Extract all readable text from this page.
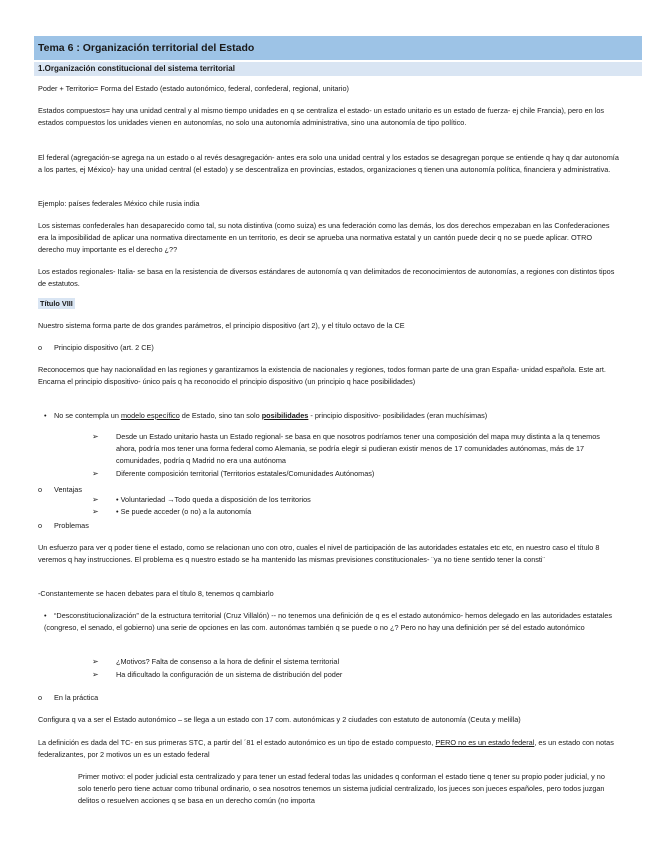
Tema 6 : Organización territorial del Estado
1.Organización constitucional del sistema territorial

Poder + Territorio= Forma del Estado (estado autonómico, federal, confederal, regional, unitario)

Estados compuestos= hay una unidad central y al mismo tiempo unidades en q se centraliza el estado- un estado unitario es un estado de fuerza- ej chile Francia), pero en los estados compuestos los unidades vienen en autonomías, no solo una autonomía administrativa, sino una autonomía de tipo político.

El federal (agregación-se agrega na un estado o al revés desagregación- antes era solo una unidad central y los estados se desagregan porque se entiende q hay q dar autonomía a los partes, ej México)- hay una unidad central (el estado) y se descentraliza en provincias, estados, organizaciones q tienen una autonomía política, financiera y administrativa.

Ejemplo: países federales México chile rusia india

Los sistemas confederales han desaparecido como tal, su nota distintiva (como suiza) es una federación como las demás, los dos derechos empezaban en las Confederaciones era la imposibilidad de aplicar una normativa directamente en un territorio, es decir se aprueba una normativa estatal y un cantón puede decir q no se puede aplicar. OTRO derecho muy importante es el derecho ¿??

Los estados regionales- Italia- se basa en la resistencia de diversos estándares de autonomía q van delimitados de reconocimientos de autonomías, a regiones con distintos tipos de estatutos.

Título VIII

Nuestro sistema forma parte de dos grandes parámetros, el principio dispositivo (art 2), y el título octavo de la CE

o Principio dispositivo (art. 2 CE)

Reconocemos que hay nacionalidad en las regiones y garantizamos la existencia de nacionales y regiones, todos forman parte de una gran España- unidad española. Este art. Encarna el principio dispositivo- único país q ha reconocido el principio dispositivo (un principio q hace posibilidades)

• No se contempla un modelo específico de Estado, sino tan solo posibilidades - principio dispositivo- posibilidades (eran muchísimas)
➢	Desde un Estado unitario hasta un Estado regional- se basa en que nosotros podríamos tener una composición del mapa muy distinta a la q tenemos ahora, podría mos tener una forma federal como Alemania, se podría elegir si pudieran existir menos de 17 comunidades autónomas, más de 17 comunidades, podría q Madrid no era una autónoma
➢	Diferente composición territorial (Territorios estatales/Comunidades Autónomas)
o Ventajas
➢	• Voluntariedad →Todo queda a disposición de los territorios
➢	• Se puede acceder (o no) a la autonomía
o Problemas

Un esfuerzo para ver q poder tiene el estado, como se relacionan uno con otro, cuales el nivel de participación de las autoridades estatales etc etc, en nuestro caso el título 8 veremos q hay instrucciones. El problema es q nuestro estado se ha mantenido las mismas previsiones constitucionales- ¨ya no tiene sentido tener la consti¨

-Constantemente se hacen debates para el título 8, tenemos q cambiarlo

• “Desconstitucionalización” de la estructura territorial (Cruz Villalón) -- no tenemos una definición de q es el estado autonómico- hemos delegado en las autoridades estatales (congreso, el senado, el gobierno) una serie de opciones en las com. autonómas también q se puede o no ¿? Pero no hay una definición per sé del estado autonómico
➢	¿Motivos? Falta de consenso a la hora de definir el sistema territorial
➢	Ha dificultado la configuración de un sistema de distribución del poder
o En la práctica

Configura q va a ser el Estado autonómico – se llega a un estado con 17 com. autonómicas y 2 ciudades con estatuto de autonomía (Ceuta y melilla)

La definición es dada del TC- en sus primeras STC, a partir del ´81 el estado autonómico es un tipo de estado compuesto, PERO no es un estado federal, es un estado con notas federalizantes, por 2 motivos un es un estado federal

Primer motivo: el poder judicial esta centralizado y para tener un estad federal todas las unidades q conforman el estado tiene q tener su propio poder judicial, y no solo tenerlo pero tiene actuar como tribunal ordinario, o sea nosotros tenemos un sistema judicial centralizado, los jueces son jueces españoles, pero todos juzgan delitos o resuelven acciones q se basa en un derecho común (no importa
